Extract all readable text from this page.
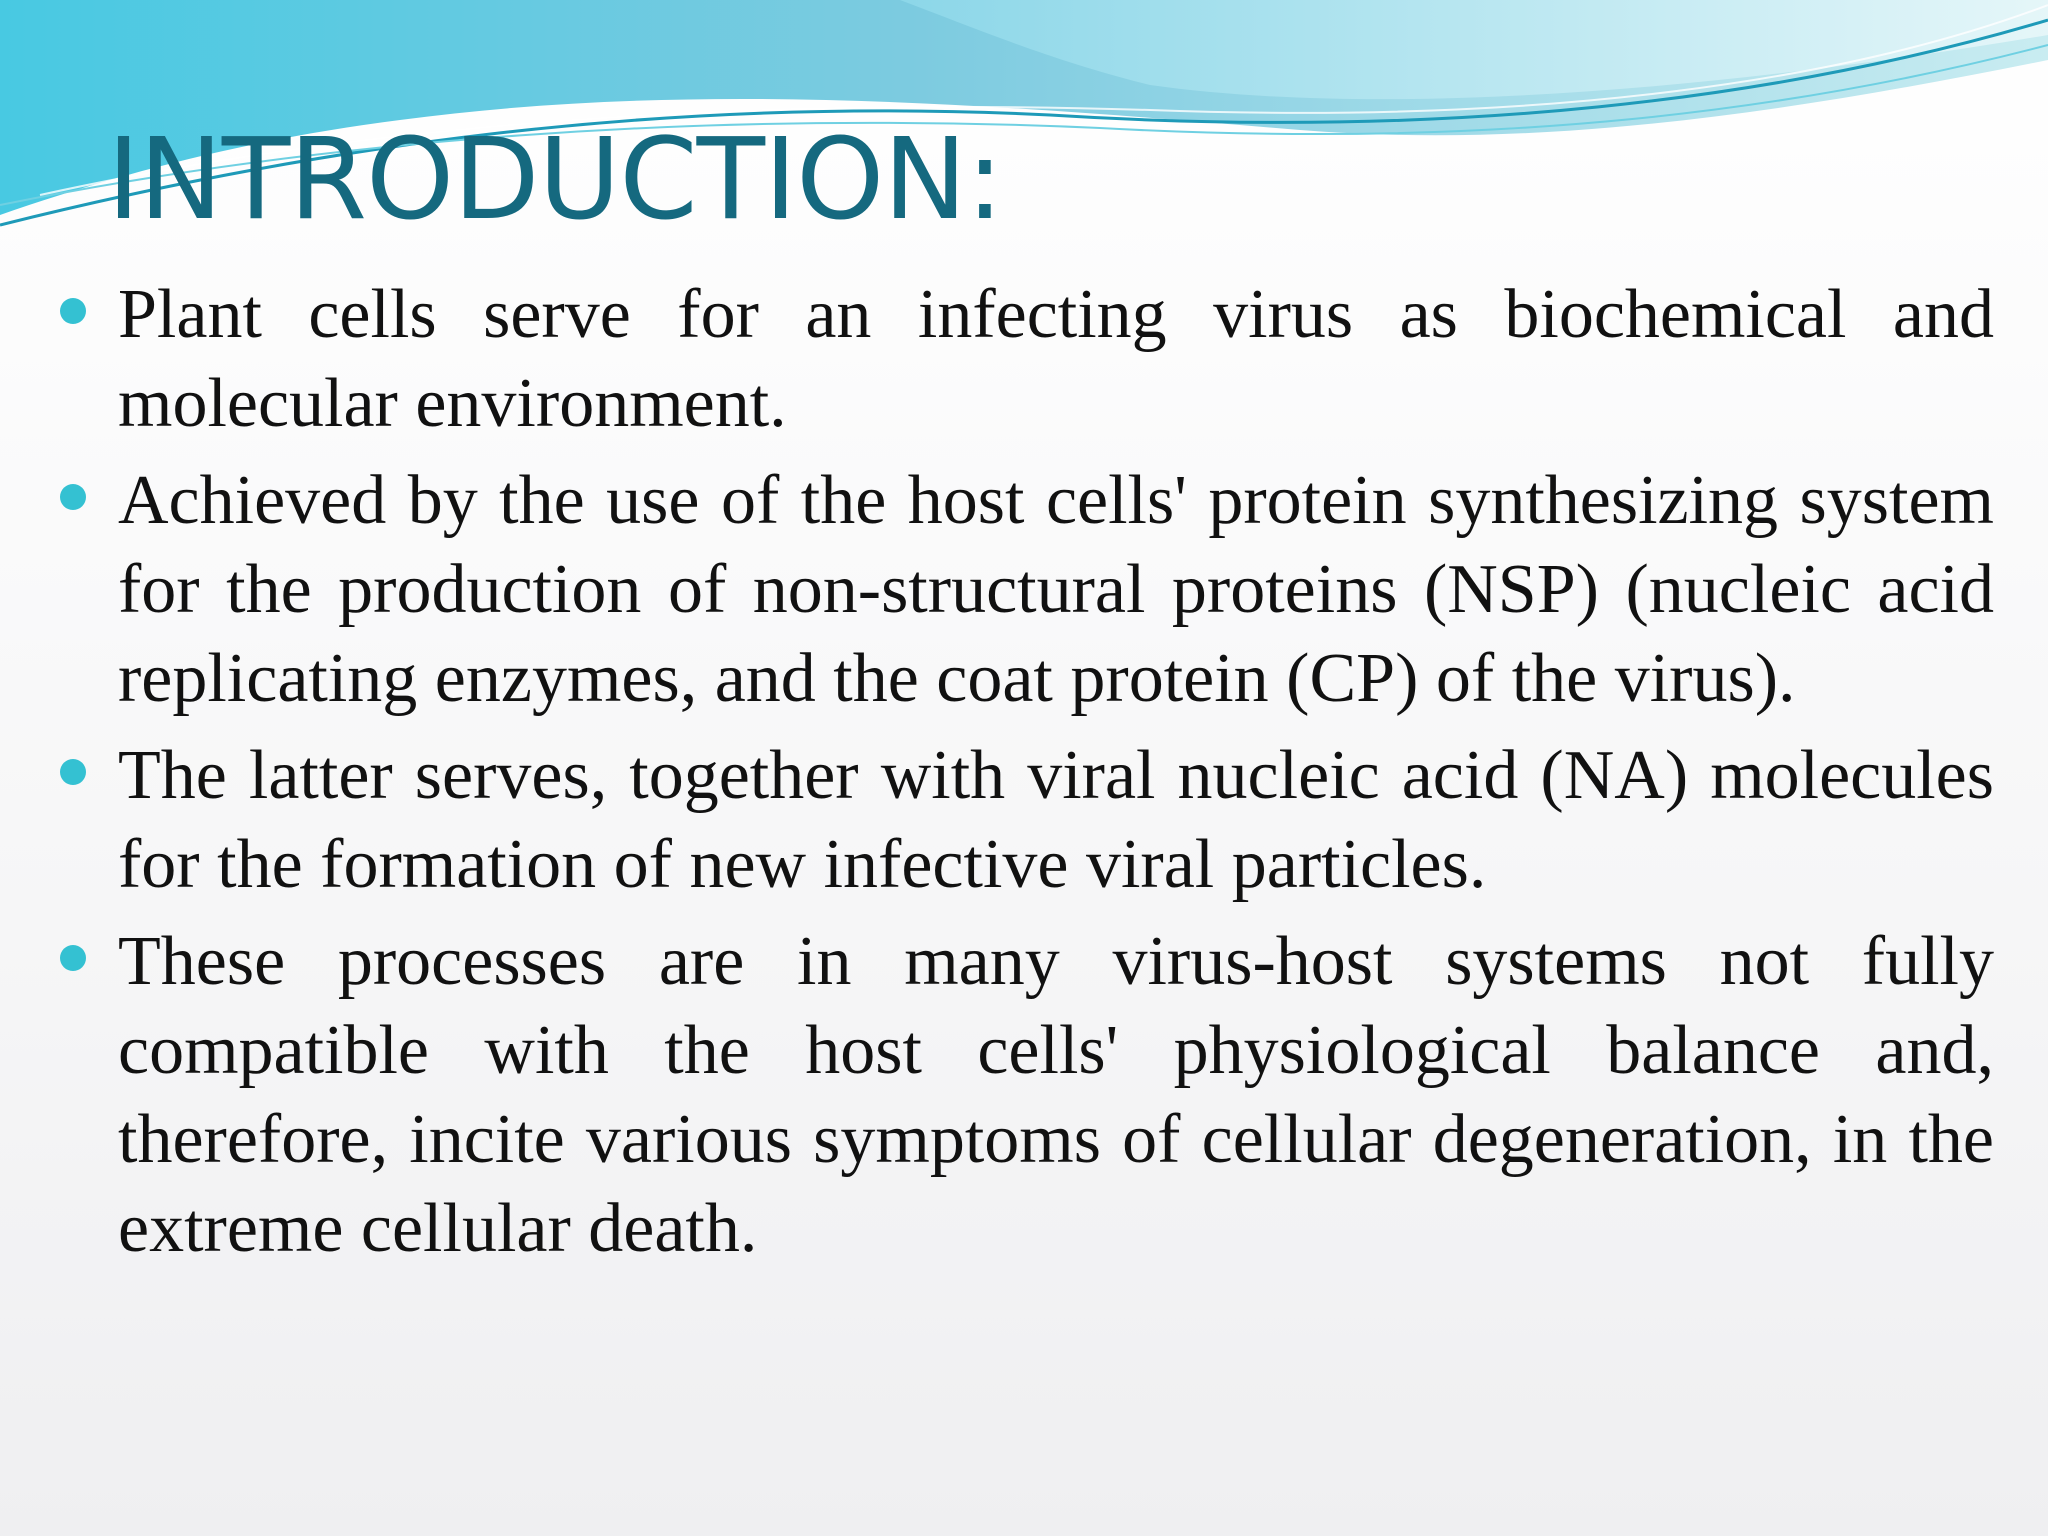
INTRODUCTION:
Plant cells serve for an infecting virus as biochemical and molecular environment.
Achieved by the use of the host cells' protein synthesizing system for the production of non-structural proteins (NSP) (nucleic acid replicating enzymes, and the coat protein (CP) of the virus).
The latter serves, together with viral nucleic acid (NA) molecules for the formation of new infective viral particles.
These processes are in many virus-host systems not fully compatible with the host cells' physiological balance and, therefore, incite various symptoms of cellular degeneration, in the extreme cellular death.
